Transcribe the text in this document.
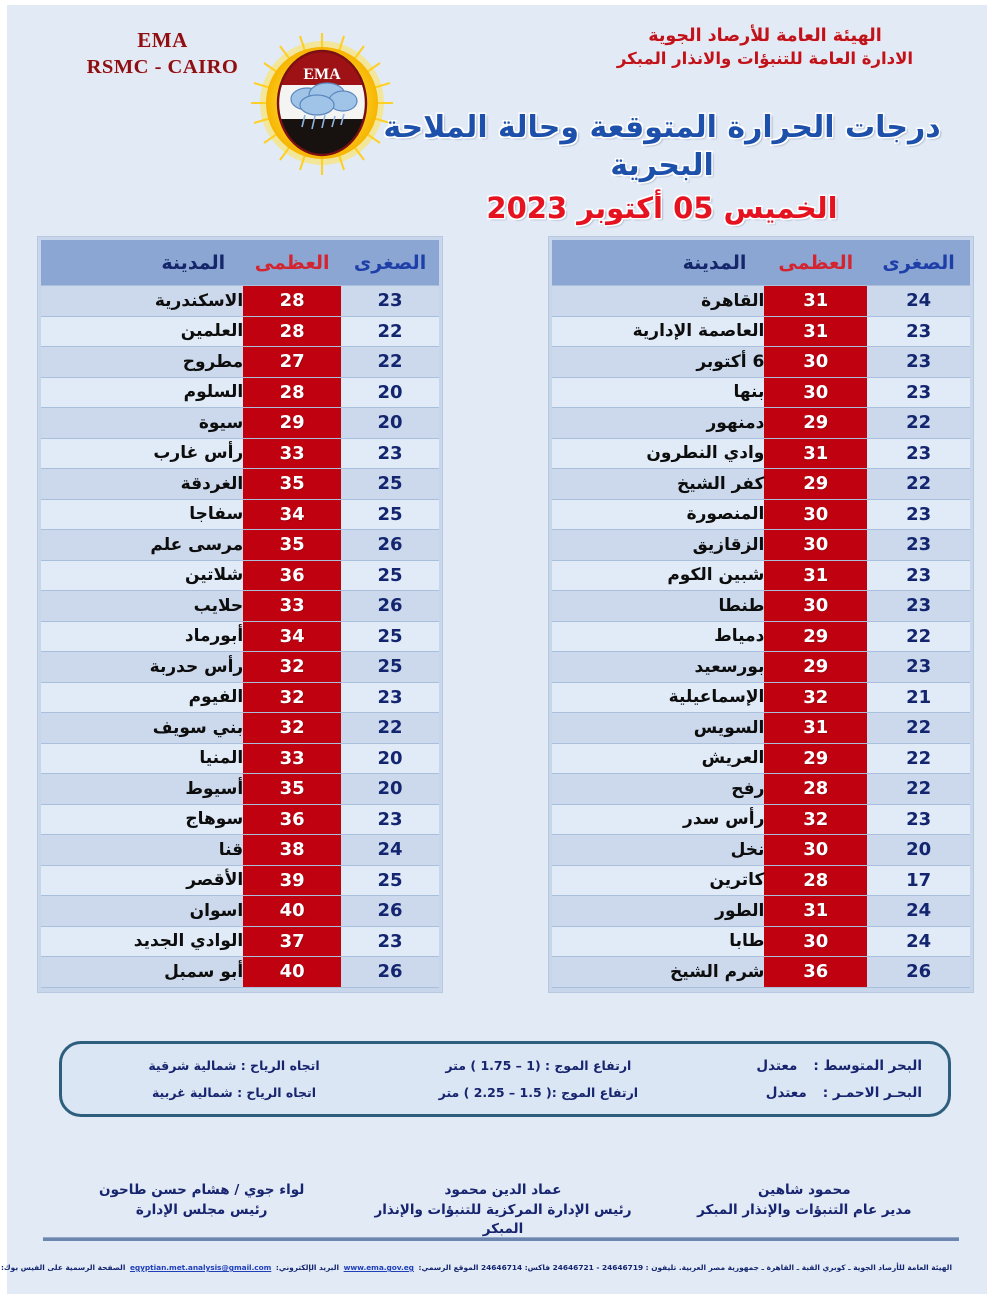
EMA
RSMC - CAIRO	EMA
الهيئة العامة للأرصاد الجوية
الادارة العامة للتنبؤات والانذار المبكر
درجات الحرارة المتوقعة وحالة الملاحة البحرية
الخميس 05 أكتوبر 2023
الصغرى	العظمى	المدينة
24	31	القاهرة
23	31	العاصمة الإدارية
23	30	6 أكتوبر
23	30	بنها
22	29	دمنهور
23	31	وادي النطرون
22	29	كفر الشيخ
23	30	المنصورة
23	30	الزقازيق
23	31	شبين الكوم
23	30	طنطا
22	29	دمياط
23	29	بورسعيد
21	32	الإسماعيلية
22	31	السويس
22	29	العريش
22	28	رفح
23	32	رأس سدر
20	30	نخل
17	28	كاترين
24	31	الطور
24	30	طابا
26	36	شرم الشيخ
الصغرى	العظمى	المدينة
23	28	الاسكندرية
22	28	العلمين
22	27	مطروح
20	28	السلوم
20	29	سيوة
23	33	رأس غارب
25	35	الغردقة
25	34	سفاجا
26	35	مرسى علم
25	36	شلاتين
26	33	حلايب
25	34	أبورماد
25	32	رأس حدربة
23	32	الفيوم
22	32	بني سويف
20	33	المنيا
20	35	أسيوط
23	36	سوهاج
24	38	قنا
25	39	الأقصر
26	40	اسوان
23	37	الوادي الجديد
26	40	أبو سمبل
البحر المتوسط :معتدل
ارتفاع الموج : (1 – 1.75 ) متر
اتجاه الرياح : شمالية شرقية
البحـر الاحمـر :معتدل
ارتفاع الموج :( 1.5 – 2.25 ) متر
اتجاه الرياح : شمالية غربية
محمود شاهين
مدير عام التنبؤات والإنذار المبكر
عماد الدين محمود
رئيس الإدارة المركزية للتنبؤات والإنذار المبكر
لواء جوي / هشام حسن طاحون
رئيس مجلس الإدارة
الهيئة العامة للأرصاد الجوية ـ كوبري القبة ـ القاهرة ـ جمهورية مصر العربية. تليفون : 24646719 - 24646721 فاكس: 24646714 الموقع الرسمي: www.ema.gov.eg البريد الإلكتروني: egyptian.met.analysis@gmail.com الصفحة الرسمية على الفيس بوك:
